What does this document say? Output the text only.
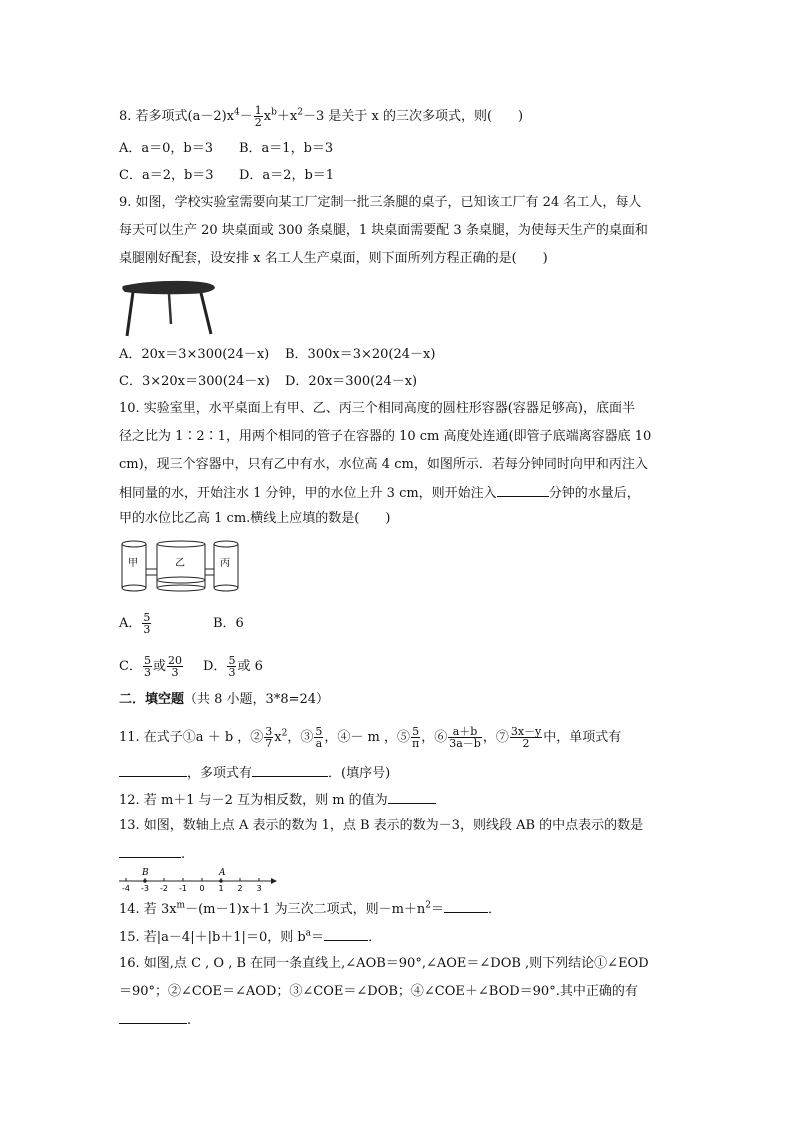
8. 若多项式$(a-2)x^4- \frac{1}{2} x^b+x^2-3$ 是关于 x 的三次多项式，则(　　)
A．a＝0，b＝3 B．a＝1，b＝3
C．a＝2，b＝3 D．a＝2，b＝1
9. 如图，学校实验室需要向某工厂定制一批三条腿的桌子，已知该工厂有 24 名工人，每人
每天可以生产 20 块桌面或 300 条桌腿，1 块桌面需要配 3 条桌腿，为使每天生产的桌面和
桌腿刚好配套，设安排 x 名工人生产桌面，则下面所列方程正确的是(　　)
A．20x＝3×300(24－x) B．300x＝3×20(24－x)
C．3×20x＝300(24－x) D．20x＝300(24－x)
10. 实验室里，水平桌面上有甲、乙、丙三个相同高度的圆柱形容器(容器足够高)，底面半
径之比为 1∶2∶1，用两个相同的管子在容器的 10 cm 高度处连通(即管子底端离容器底 10
cm)，现三个容器中，只有乙中有水，水位高 4 cm，如图所示．若每分钟同时向甲和丙注入
相同量的水，开始注水 1 分钟，甲的水位上升 3 cm，则开始注入	分钟的水量后，
甲的水位比乙高 1 cm.横线上应填的数是(　　)
甲	乙	丙
A． $\frac{5}{3}$	B．6
C． $\frac{5}{3}$ 或 $\frac{20}{3}$ D． $\frac{5}{3}$ 或 6
二．填空题（共 8 小题，3*8=24）
11. 在式子①a ＋ b ，② $\frac{3}{7} x^2$，③ $\frac{5}{a}$ ，④－ m ，⑤ $\frac{5}{\pi}$ ，⑥ $\frac{a+b}{3a-b}$ ，⑦ $\frac{3x-y}{2}$ 中，单项式有
，多项式有	．(填序号)
12. 若 m＋1 与－2 互为相反数，则 m 的值为
13. 如图，数轴上点 A 表示的数为 1，点 B 表示的数为－3，则线段 AB 的中点表示的数是
.
B	A
-4 -3 -2 -1 0 1 2 3
14. 若 $3x^m-(m-1)x+1$ 为三次二项式，则$-m+n^2=$	．
15. 若|a－4|＋|b＋1|＝0，则 $b^a=$	．
16. 如图,点 C , O , B 在同一条直线上,∠AOB＝90°,∠AOE＝∠DOB ,则下列结论①∠EOD
＝90°；②∠COE＝∠AOD；③∠COE＝∠DOB；④∠COE＋∠BOD＝90°.其中正确的有
.
